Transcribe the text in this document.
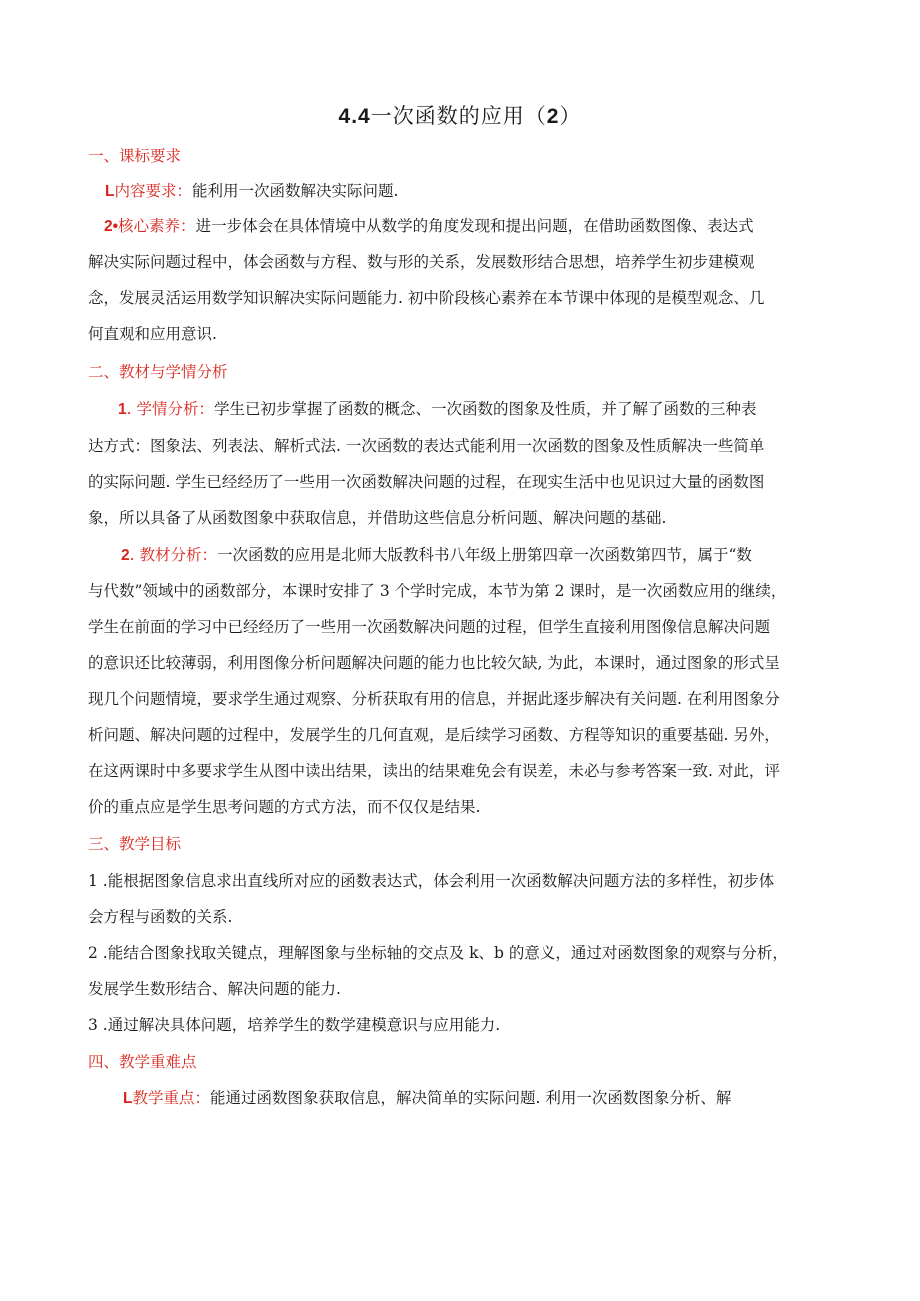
4.4一次函数的应用（2）
一、课标要求
L内容要求：能利用一次函数解决实际问题.
2•核心素养：进一步体会在具体情境中从数学的角度发现和提出问题，在借助函数图像、表达式
解决实际问题过程中，体会函数与方程、数与形的关系，发展数形结合思想，培养学生初步建模观
念，发展灵活运用数学知识解决实际问题能力. 初中阶段核心素养在本节课中体现的是模型观念、几
何直观和应用意识.
二、教材与学情分析
1. 学情分析：学生已初步掌握了函数的概念、一次函数的图象及性质，并了解了函数的三种表
达方式：图象法、列表法、解析式法. 一次函数的表达式能利用一次函数的图象及性质解决一些简单
的实际问题. 学生已经经历了一些用一次函数解决问题的过程，在现实生活中也见识过大量的函数图
象，所以具备了从函数图象中获取信息，并借助这些信息分析问题、解决问题的基础.
2. 教材分析：一次函数的应用是北师大版教科书八年级上册第四章一次函数第四节，属于“数
与代数”领域中的函数部分，本课时安排了 3 个学时完成，本节为第 2 课时，是一次函数应用的继续，
学生在前面的学习中已经经历了一些用一次函数解决问题的过程，但学生直接利用图像信息解决问题
的意识还比较薄弱，利用图像分析问题解决问题的能力也比较欠缺, 为此，本课时，通过图象的形式呈
现几个问题情境，要求学生通过观察、分析获取有用的信息，并据此逐步解决有关问题. 在利用图象分
析问题、解决问题的过程中，发展学生的几何直观，是后续学习函数、方程等知识的重要基础. 另外，
在这两课时中多要求学生从图中读出结果，读出的结果难免会有误差，未必与参考答案一致. 对此，评
价的重点应是学生思考问题的方式方法，而不仅仅是结果.
三、教学目标
1 .能根据图象信息求出直线所对应的函数表达式，体会利用一次函数解决问题方法的多样性，初步体
会方程与函数的关系.
2 .能结合图象找取关键点，理解图象与坐标轴的交点及 k、b 的意义，通过对函数图象的观察与分析，
发展学生数形结合、解决问题的能力.
3 .通过解决具体问题，培养学生的数学建模意识与应用能力.
四、教学重难点
L教学重点：能通过函数图象获取信息，解决简单的实际问题. 利用一次函数图象分析、解
